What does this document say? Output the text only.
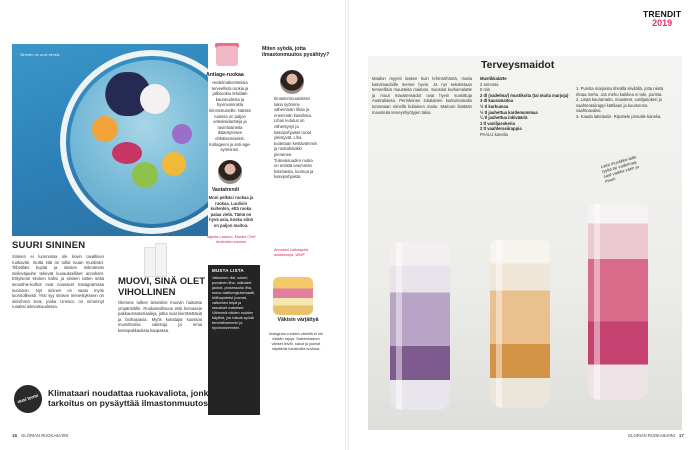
Sininen on uusi vihreä.
SUURI SININEN
Sininen ei luonnossa ole kovin tavallinen ruokaväri, mutta sitä on tullut ruuan muotiväri. Tiibetiläis kuplat ja sinisen mikrolevän sinileväjauhe tekevät kuvaukselliset annokset. Erityisesti sininen kahvi ja sinisen latten sekä smoothie-kulhot ovat nousseet Instagramissa suosioon. Nyt sininen on saatu myös luonnollisesti. Yksi syy sinisen menestykseen on sinivihreä levä, jonka Unesco on nimennyt ruoaksi tulevaisuudessa.
Antiage-ruokaa
Hedelmäkoristeisia terveellisiä ruokia ja jälkiruokia tehdään kauneudesta ja hyvinvoinnista kiinnostuneille. Näissä ruoissa on paljon antioksidantteja ja ravintoaineita ikääntymisen ehkäisemiseksi. Kollageeni ja anti-age-syöminen.
Vastatrendi
Moni pelkäsi ruokaa ja ruokaa. Luulisin kuitenkin, että ruoka palaa vielä. Tämä on hyvä asia, koska siinä on paljon maitoa.
Nigella Lawson, Master Chef Australian tuomari
Miten syödä, jotta ilmastonmuutos pysähtyy?
Ilmastonmuutoksen takia syömme vähemmän lihaa ja enemmän kasviksia. Lihan kulutus on vähentynyt ja kasvipohjaiset ruoat yleistyvät. Liha tuotetaan kestävämmin ja ruokahävikki pienenee. Tulevaisuuden ruoka on entistä enemmän kotimaista, luomua ja kasvipohjaista.
Annukka Valkeapää, asiantuntija, WWF
MUSTA LISTA
Valkoinen riisi, sokeri, punainen liha, valkoiset jauhot, prosessoitu liha, mono-natriumglutamaatti, hiilihapotetut juomat, valkoinen leipä ja rasvaiset makeiset. Vähennä näiden ruokien käyttöä, jos haluat syödä terveellisemmin ja hyvinvoivemmin.
MUOVI, SINÄ OLET VIHOLLINEN
Olemme tulleet tietoisiksi muovin haitoista ympäristölle. Ruokateollisuus etsii korvaavia pakkausmateriaaleja, jotka ovat kierrätettäviä ja biohajoavia. Myös kuluttajat suosivat muovittomia valintoja ja omia kestopakkauksia kaupassa.
Väkisin värjättyä
Instagram-ruokien väreillä ei ole mitään rajoja. Sateenkaaren väriset leivät, kakut ja juomat näyttävät hauskoilta kuvissa.
uusi termi
Klimataari noudattaa ruokavaliota, jonka tärkein tarkoitus on pysäyttää ilmastonmuutos.
16 GLORIAN RUOKA&VIINI
TRENDIT
2019
Terveysmaidot
Maidon myynti laskee kuin lehmänhäntä, mutta kasvimaidoille menee hyvin. Ja nyt sekoitetaan terveellisiä mausteita maitoon. Suositut kurkumalatte ja muut maustemaidot ovat hyvin suosittuja Australiassa. Perinteinen intialainen kurkumamaito tunnetaan nimellä kultainen maito. Maitoon lisätään mausteita terveyshyötyjen takia.
Mustikkalatte
2 annosta
5 min
2 dl (vadelma/) mustikoita (tai muita marjoja)
3 dl kauramaitoa
½ tl kurkumaa
½ tl jauhettua kardemummaa
¼ tl jauhettua inkivääriä
1 tl vaniljasokeria
2 tl vaahterasiirappia
PAALU kanelia
1. Purista marjoista tiheällä siivilällä, jotta niistä irtoaa mehu. Jos mehu kaikkea ei tule, purista.
2. Lisää kauramaito, mausteet, vaniljasokeri ja vaahterasiirappi kattilaan ja kuumenna vaahtoavaksi.
3. Kaada lattelasiin. Ripottele pinnalle kanelia.
Laita mustikka-latte tyyliä tai vadelmaa, saat vaikka värin ja maun.
GLORIAN RUOKA&VIINI 17
